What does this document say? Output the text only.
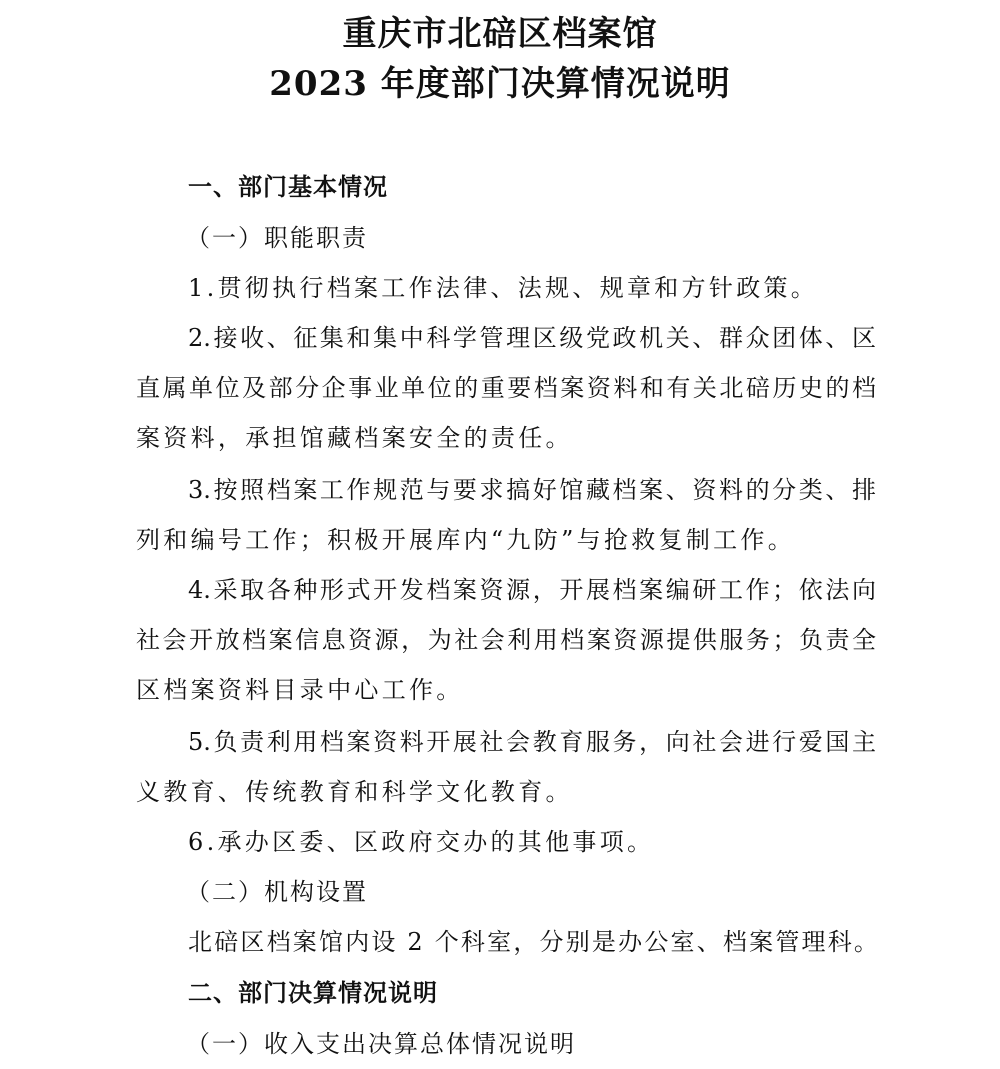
重庆市北碚区档案馆
2023 年度部门决算情况说明
一、部门基本情况
（一）职能职责
1.贯彻执行档案工作法律、法规、规章和方针政策。
2.接收、征集和集中科学管理区级党政机关、群众团体、区
直属单位及部分企事业单位的重要档案资料和有关北碚历史的档
案资料，承担馆藏档案安全的责任。
3.按照档案工作规范与要求搞好馆藏档案、资料的分类、排
列和编号工作；积极开展库内“九防”与抢救复制工作。
4.采取各种形式开发档案资源，开展档案编研工作；依法向
社会开放档案信息资源，为社会利用档案资源提供服务；负责全
区档案资料目录中心工作。
5.负责利用档案资料开展社会教育服务，向社会进行爱国主
义教育、传统教育和科学文化教育。
6.承办区委、区政府交办的其他事项。
（二）机构设置
北碚区档案馆内设 2 个科室，分别是办公室、档案管理科。
二、部门决算情况说明
（一）收入支出决算总体情况说明
